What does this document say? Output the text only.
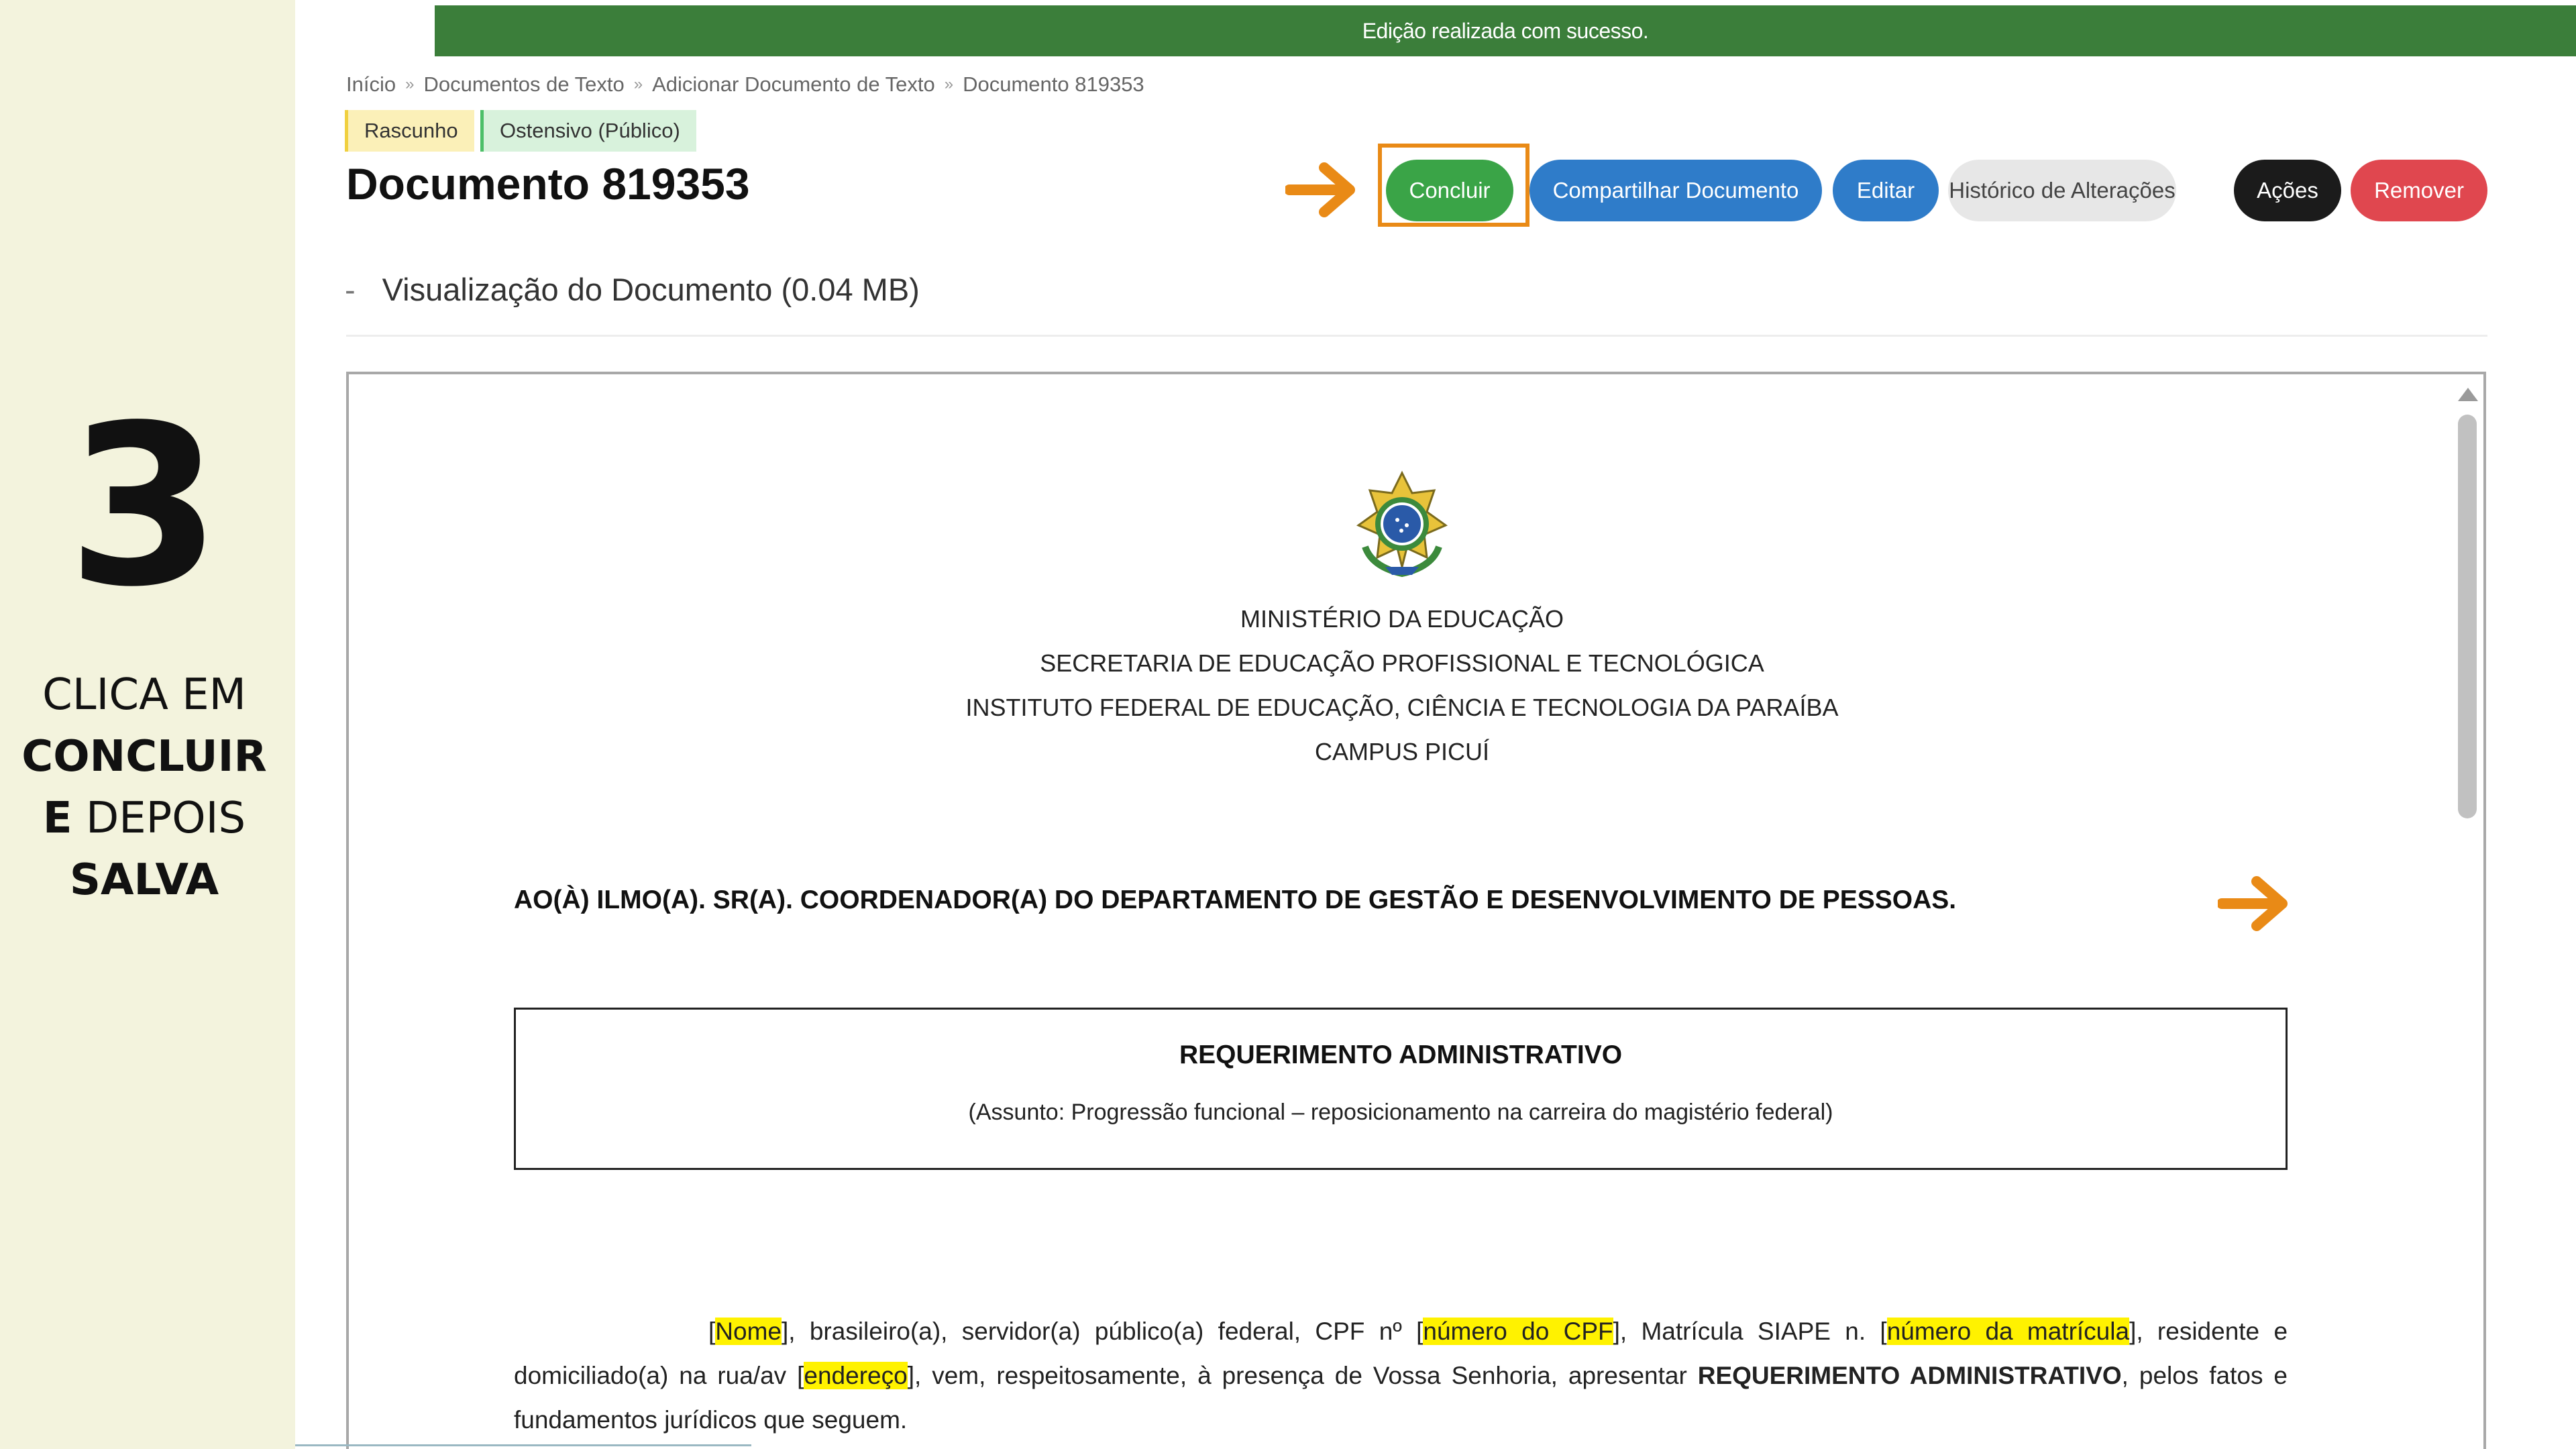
3
CLICA EM
CONCLUIR
E DEPOIS
SALVA
Edição realizada com sucesso.
Início » Documentos de Texto » Adicionar Documento de Texto » Documento 819353
Rascunho	Ostensivo (Público)
Documento 819353	Concluir	Compartilhar Documento	Editar	Histórico de Alterações	Ações	Remover
- Visualização do Documento (0.04 MB)
MINISTÉRIO DA EDUCAÇÃO
SECRETARIA DE EDUCAÇÃO PROFISSIONAL E TECNOLÓGICA
INSTITUTO FEDERAL DE EDUCAÇÃO, CIÊNCIA E TECNOLOGIA DA PARAÍBA
CAMPUS PICUÍ
AO(À) ILMO(A). SR(A). COORDENADOR(A) DO DEPARTAMENTO DE GESTÃO E DESENVOLVIMENTO DE PESSOAS.
REQUERIMENTO ADMINISTRATIVO
(Assunto: Progressão funcional – reposicionamento na carreira do magistério federal)
[Nome], brasileiro(a), servidor(a) público(a) federal, CPF nº [número do CPF], Matrícula SIAPE n. [número da matrícula], residente e domiciliado(a) na rua/av [endereço], vem, respeitosamente, à presença de Vossa Senhoria, apresentar REQUERIMENTO ADMINISTRATIVO, pelos fatos e fundamentos jurídicos que seguem.
